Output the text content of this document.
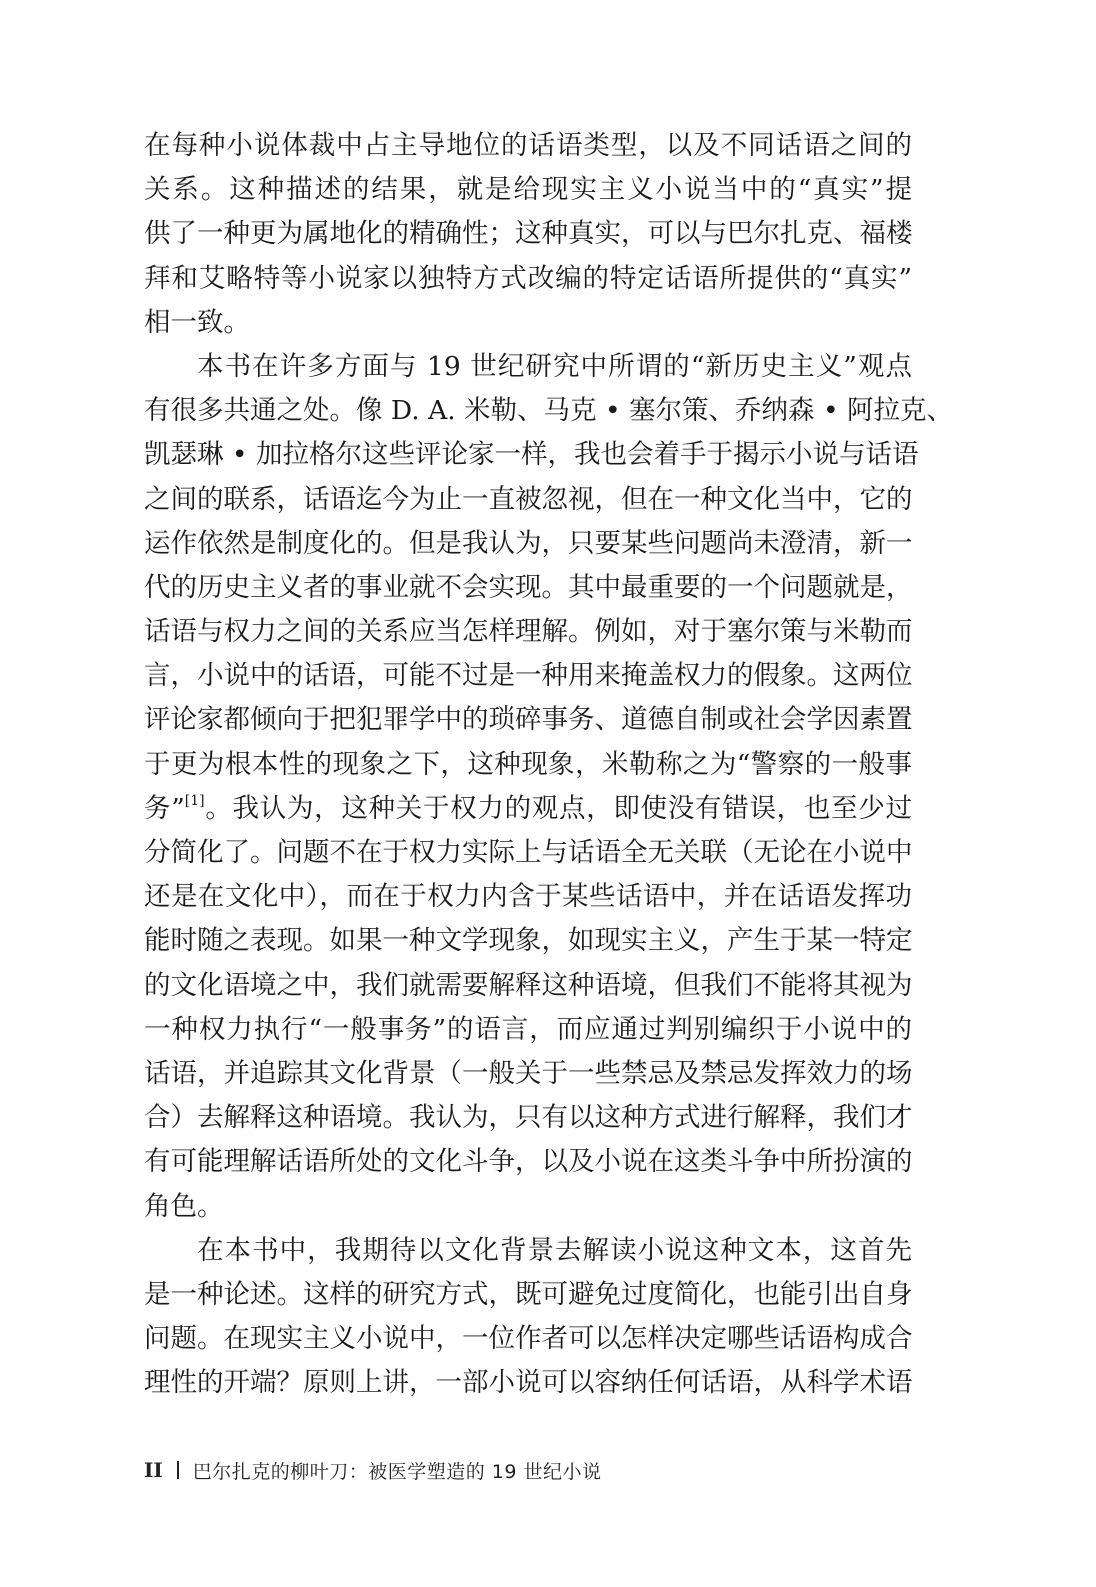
在每种小说体裁中占主导地位的话语类型，以及不同话语之间的
关系。这种描述的结果，就是给现实主义小说当中的“真实”提
供了一种更为属地化的精确性；这种真实，可以与巴尔扎克、福楼
拜和艾略特等小说家以独特方式改编的特定话语所提供的“真实”
相一致。
本书在许多方面与 19 世纪研究中所谓的“新历史主义”观点
有很多共通之处。像 D. A. 米勒、马克 • 塞尔策、乔纳森 • 阿拉克、
凯瑟琳 • 加拉格尔这些评论家一样，我也会着手于揭示小说与话语
之间的联系，话语迄今为止一直被忽视，但在一种文化当中，它的
运作依然是制度化的。但是我认为，只要某些问题尚未澄清，新一
代的历史主义者的事业就不会实现。其中最重要的一个问题就是，
话语与权力之间的关系应当怎样理解。例如，对于塞尔策与米勒而
言，小说中的话语，可能不过是一种用来掩盖权力的假象。这两位
评论家都倾向于把犯罪学中的琐碎事务、道德自制或社会学因素置
于更为根本性的现象之下，这种现象，米勒称之为“警察的一般事
务”[1]。我认为，这种关于权力的观点，即使没有错误，也至少过
分简化了。问题不在于权力实际上与话语全无关联（无论在小说中
还是在文化中），而在于权力内含于某些话语中，并在话语发挥功
能时随之表现。如果一种文学现象，如现实主义，产生于某一特定
的文化语境之中，我们就需要解释这种语境，但我们不能将其视为
一种权力执行“一般事务”的语言，而应通过判别编织于小说中的
话语，并追踪其文化背景（一般关于一些禁忌及禁忌发挥效力的场
合）去解释这种语境。我认为，只有以这种方式进行解释，我们才
有可能理解话语所处的文化斗争，以及小说在这类斗争中所扮演的
角色。
在本书中，我期待以文化背景去解读小说这种文本，这首先
是一种论述。这样的研究方式，既可避免过度简化，也能引出自身
问题。在现实主义小说中，一位作者可以怎样决定哪些话语构成合
理性的开端？原则上讲，一部小说可以容纳任何话语，从科学术语
II 巴尔扎克的柳叶刀：被医学塑造的 19 世纪小说
